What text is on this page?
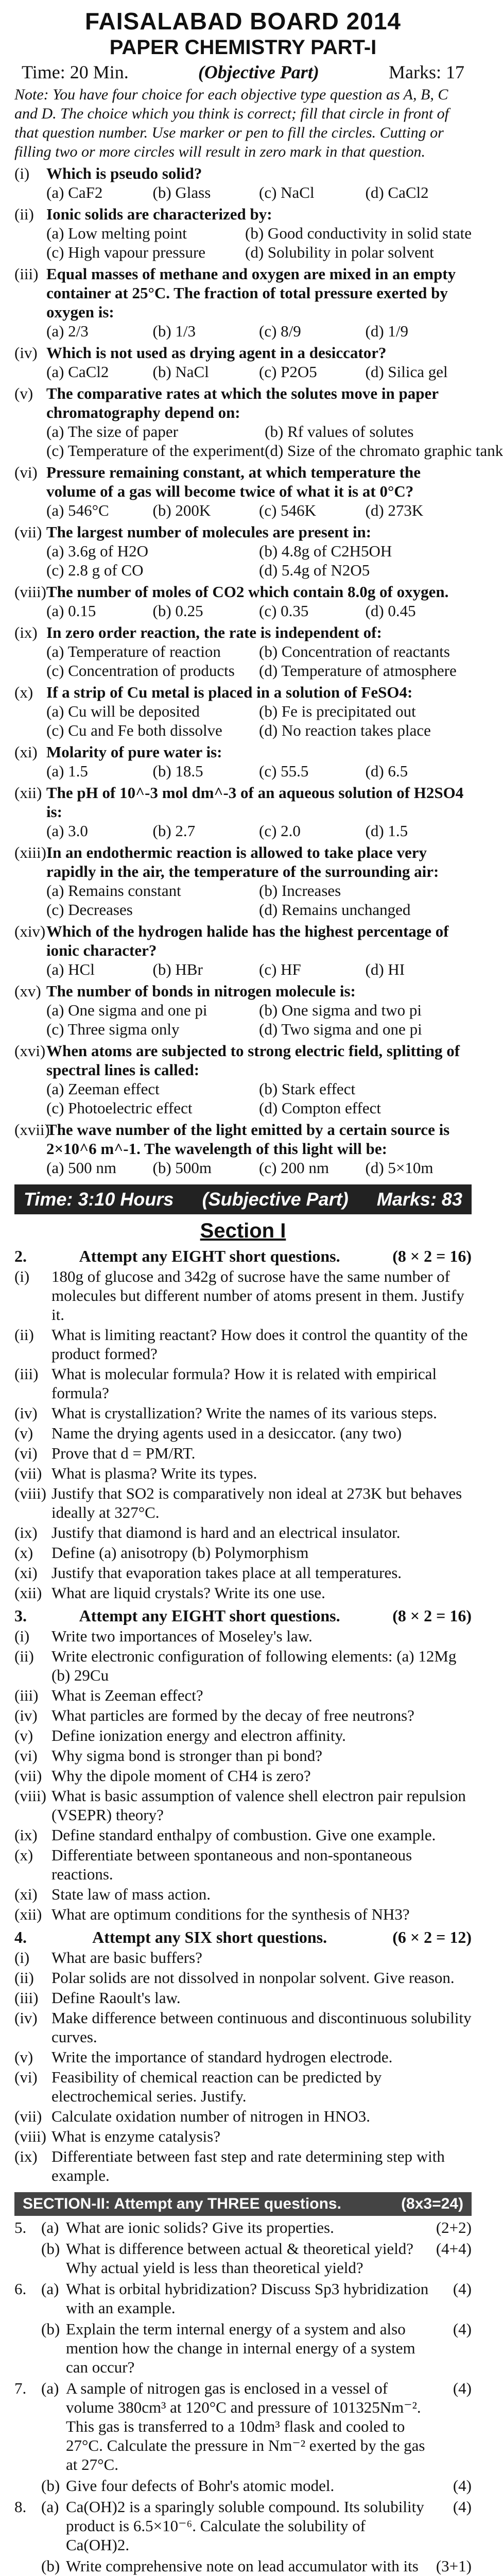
FAISALABAD BOARD 2014
PAPER CHEMISTRY PART-I
Time: 20 Min.	(Objective Part)	Marks: 17
Note: You have four choice for each objective type question as A, B, C and D. The choice which you think is correct; fill that circle in front of that question number. Use marker or pen to fill the circles. Cutting or filling two or more circles will result in zero mark in that question.
(i)	Which is pseudo solid?
(a) CaF2	(b) Glass	(c) NaCl	(d) CaCl2
(ii) Ionic solids are characterized by:
(a) Low melting point	(b) Good conductivity in solid state
(c) High vapour pressure	(d) Solubility in polar solvent
(iii) Equal masses of methane and oxygen are mixed in an empty container at 25°C. The fraction of total pressure exerted by oxygen is:
(a) 2/3	(b) 1/3	(c) 8/9	(d) 1/9
(iv) Which is not used as drying agent in a desiccator?
(a) CaCl2	(b) NaCl	(c) P2O5	(d) Silica gel
(v) The comparative rates at which the solutes move in paper chromatography depend on:
(a) The size of paper	(b) Rf values of solutes
(c) Temperature of the experiment (d) Size of the chromato graphic tank
(vi) Pressure remaining constant, at which temperature the volume of a gas will become twice of what it is at 0°C?
(a) 546°C	(b) 200K	(c) 546K	(d) 273K
(vii) The largest number of molecules are present in:
(a) 3.6g of H2O	(b) 4.8g of C2H5OH
(c) 2.8 g of CO	(d) 5.4g of N2O5
(viii) The number of moles of CO2 which contain 8.0g of oxygen.
(a) 0.15	(b) 0.25	(c) 0.35	(d) 0.45
(ix) In zero order reaction, the rate is independent of:
(a) Temperature of reaction	(b) Concentration of reactants
(c) Concentration of products	(d) Temperature of atmosphere
(x) If a strip of Cu metal is placed in a solution of FeSO4:
(a) Cu will be deposited	(b) Fe is precipitated out
(c) Cu and Fe both dissolve	(d) No reaction takes place
(xi) Molarity of pure water is:
(a) 1.5	(b) 18.5	(c) 55.5	(d) 6.5
(xii) The pH of 10^-3 mol dm^-3 of an aqueous solution of H2SO4 is:
(a) 3.0	(b) 2.7	(c) 2.0	(d) 1.5
(xiii) In an endothermic reaction is allowed to take place very rapidly in the air, the temperature of the surrounding air:
(a) Remains constant	(b) Increases
(c) Decreases	(d) Remains unchanged
(xiv) Which of the hydrogen halide has the highest percentage of ionic character?
(a) HCl	(b) HBr	(c) HF	(d) HI
(xv) The number of bonds in nitrogen molecule is:
(a) One sigma and one pi	(b) One sigma and two pi
(c) Three sigma only	(d) Two sigma and one pi
(xvi) When atoms are subjected to strong electric field, splitting of spectral lines is called:
(a) Zeeman effect	(b) Stark effect
(c) Photoelectric effect	(d) Compton effect
(xvii)
The wave number of the light emitted by a certain source is 2×10^6 m^-1. The wavelength of this light will be:
(a) 500 nm	(b) 500m	(c) 200 nm	(d) 5×10m
Time: 3:10 Hours (Subjective Part) Marks: 83
Section I
2.	Attempt any EIGHT short questions.	(8 × 2 = 16)
(i)	180g of glucose and 342g of sucrose have the same number of molecules but different number of atoms present in them. Justify it.
(ii)	What is limiting reactant? How does it control the quantity of the product formed?
(iii) What is molecular formula? How it is related with empirical formula?
(iv) What is crystallization? Write the names of its various steps.
(v)	Name the drying agents used in a desiccator. (any two)
(vi) Prove that d = PM/RT.
(vii) What is plasma? Write its types.
(viii) Justify that SO2 is comparatively non ideal at 273K but behaves ideally at 327°C.
(ix) Justify that diamond is hard and an electrical insulator.
(x)	Define (a) anisotropy (b) Polymorphism
(xi) Justify that evaporation takes place at all temperatures.
(xii) What are liquid crystals? Write its one use.
3.	Attempt any EIGHT short questions.	(8 × 2 = 16)
(i)	Write two importances of Moseley's law.
(ii)	Write electronic configuration of following elements: (a) 12Mg (b) 29Cu
(iii) What is Zeeman effect?
(iv) What particles are formed by the decay of free neutrons?
(v)	Define ionization energy and electron affinity.
(vi) Why sigma bond is stronger than pi bond?
(vii) Why the dipole moment of CH4 is zero?
(viii) What is basic assumption of valence shell electron pair repulsion (VSEPR) theory?
(ix) Define standard enthalpy of combustion. Give one example.
(x)	Differentiate between spontaneous and non-spontaneous reactions.
(xi) State law of mass action.
(xii) What are optimum conditions for the synthesis of NH3?
4.	Attempt any SIX short questions.	(6 × 2 = 12)
(i)	What are basic buffers?
(ii)	Polar solids are not dissolved in nonpolar solvent. Give reason.
(iii) Define Raoult's law.
(iv) Make difference between continuous and discontinuous solubility curves.
(v)	Write the importance of standard hydrogen electrode.
(vi) Feasibility of chemical reaction can be predicted by electrochemical series. Justify.
(vii) Calculate oxidation number of nitrogen in HNO3.
(viii) What is enzyme catalysis?
(ix) Differentiate between fast step and rate determining step with example.
SECTION-II: Attempt any THREE questions.	(8x3=24)
5. (a) What are ionic solids? Give its properties.	(2+2)
(b) What is difference between actual & theoretical yield? Why actual yield is less than theoretical yield?
(4+4)
6. (a) What is orbital hybridization? Discuss Sp3 hybridization with an example.
(4)
(b) Explain the term internal energy of a system and also mention how the change in internal energy of a system can occur?
(4)
7. (a) A sample of nitrogen gas is enclosed in a vessel of volume 380cm³ at 120°C and pressure of 101325Nm⁻². This gas is transferred to a 10dm³ flask and cooled to 27°C. Calculate the pressure in Nm⁻² exerted by the gas at 27°C.
(4)
(b) Give four defects of Bohr's atomic model.	(4)
8. (a) Ca(OH)2 is a sparingly soluble compound. Its solubility product is 6.5×10⁻⁶. Calculate the solubility of Ca(OH)2.
(4)
(b) Write comprehensive note on lead accumulator with its	(3+1)
